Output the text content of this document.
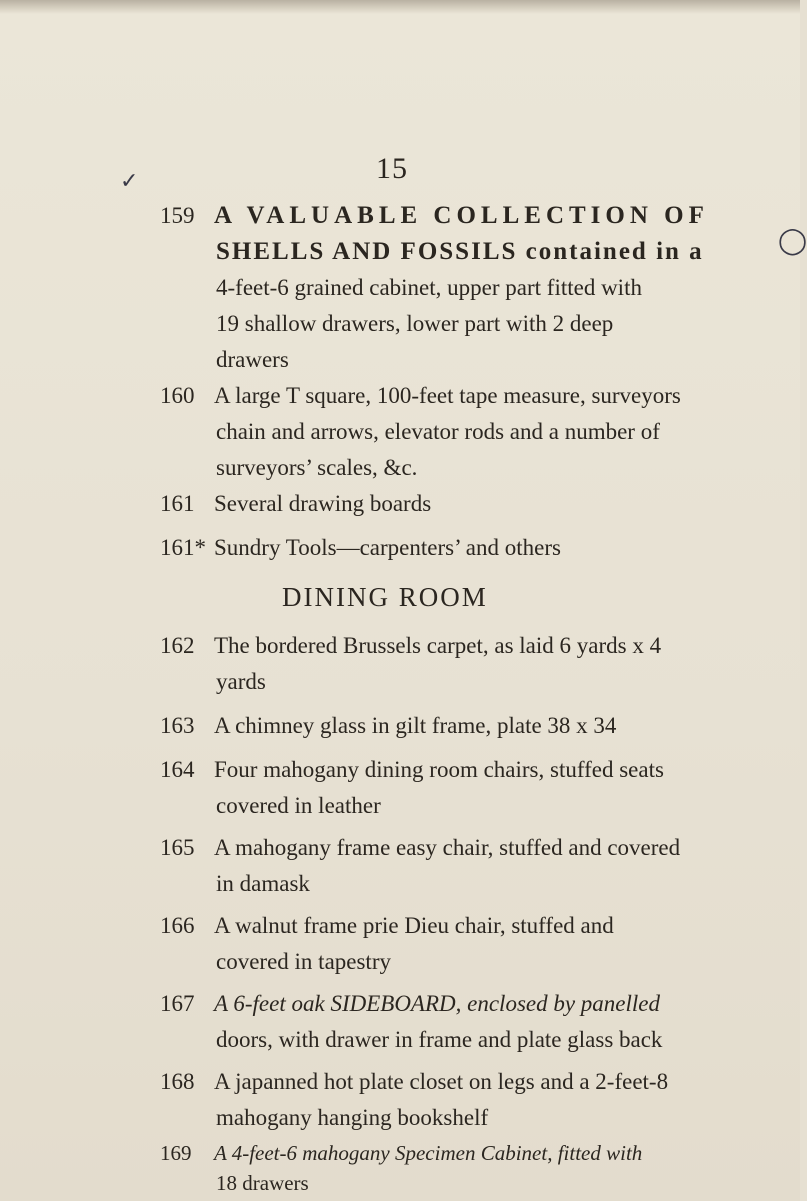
15
159 A VALUABLE COLLECTION OF
SHELLS AND FOSSILS contained in a
4-feet-6 grained cabinet, upper part fitted with
19 shallow drawers, lower part with 2 deep
drawers
160 A large T square, 100-feet tape measure, surveyors
chain and arrows, elevator rods and a number of
surveyors’ scales, &c.
161 Several drawing boards
161* Sundry Tools—carpenters’ and others
DINING ROOM
162 The bordered Brussels carpet, as laid 6 yards x 4
yards
163 A chimney glass in gilt frame, plate 38 x 34
164 Four mahogany dining room chairs, stuffed seats
covered in leather
165 A mahogany frame easy chair, stuffed and covered
in damask
166 A walnut frame prie Dieu chair, stuffed and
covered in tapestry
167 A 6-feet oak SIDEBOARD, enclosed by panelled
doors, with drawer in frame and plate glass back
168 A japanned hot plate closet on legs and a 2-feet-8
mahogany hanging bookshelf
169 A 4-feet-6 mahogany Specimen Cabinet, fitted with
18 drawers
✓
◯
